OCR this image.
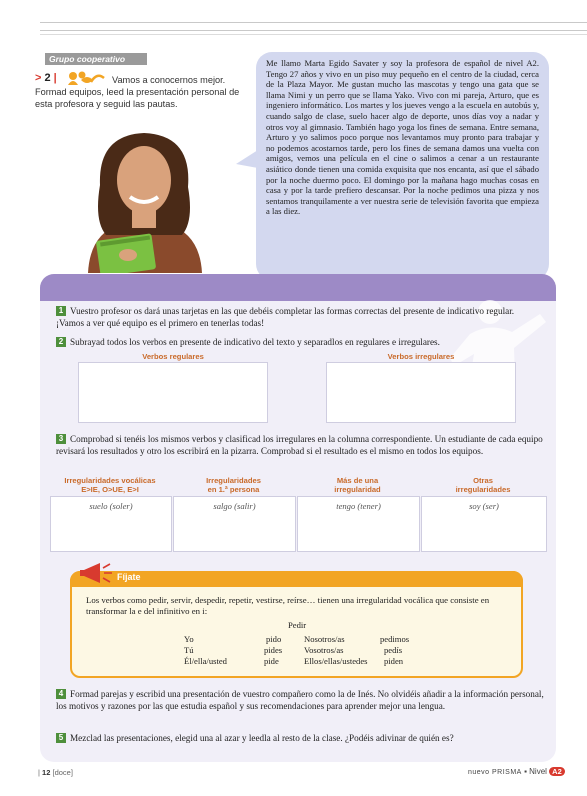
Grupo cooperativo
> 2 |	Vamos a conocernos mejor. Formad equipos, leed la presentación personal de esta profesora y seguid las pautas.
Me llamo Marta Egido Savater y soy la profesora de español de nivel A2. Tengo 27 años y vivo en un piso muy pequeño en el centro de la ciudad, cerca de la Plaza Mayor. Me gustan mucho las mascotas y tengo una gata que se llama Nimi y un perro que se llama Yako. Vivo con mi pareja, Arturo, que es ingeniero informático. Los martes y los jueves vengo a la escuela en autobús y, cuando salgo de clase, suelo hacer algo de deporte, unos días voy a nadar y otros voy al gimnasio. También hago yoga los fines de semana. Entre semana, Arturo y yo salimos poco porque nos levantamos muy pronto para trabajar y no podemos acostarnos tarde, pero los fines de semana damos una vuelta con amigos, vemos una película en el cine o salimos a cenar a un restaurante asiático donde tienen una comida exquisita que nos encanta, así que el sábado por la noche duermo poco. El domingo por la mañana hago muchas cosas en casa y por la tarde prefiero descansar. Por la noche pedimos una pizza y nos sentamos tranquilamente a ver nuestra serie de televisión favorita que empieza a las diez.
1 Vuestro profesor os dará unas tarjetas en las que debéis completar las formas correctas del presente de indicativo regular. ¡Vamos a ver qué equipo es el primero en tenerlas todas!
2 Subrayad todos los verbos en presente de indicativo del texto y separadlos en regulares e irregulares.
Verbos regulares	Verbos irregulares
3 Comprobad si tenéis los mismos verbos y clasificad los irregulares en la columna correspondiente. Un estudiante de cada equipo revisará los resultados y otro los escribirá en la pizarra. Comprobad si el resultado es el mismo en todos los equipos.
Irregularidades vocálicas
E>IE, O>UE, E>I
Irregularidades
en 1.ª persona
Más de una
irregularidad
Otras
irregularidades
suelo (soler)	salgo (salir)	tengo (tener)	soy (ser)
Fíjate
Los verbos como pedir, servir, despedir, repetir, vestirse, reírse… tienen una irregularidad vocálica que consiste en transformar la e del infinitivo en i:
Pedir
Yo	pido	Nosotros/as	pedimos
Tú	pides	Vosotros/as	pedís
Él/ella/usted	pide	Ellos/ellas/ustedes piden
4 Formad parejas y escribid una presentación de vuestro compañero como la de Inés. No olvidéis añadir a la información personal, los motivos y razones por las que estudia español y sus recomendaciones para aprender mejor una lengua.
5 Mezclad las presentaciones, elegid una al azar y leedla al resto de la clase. ¿Podéis adivinar de quién es?
| 12 [doce]	nuevo PRISMA ▪ Nivel A2
